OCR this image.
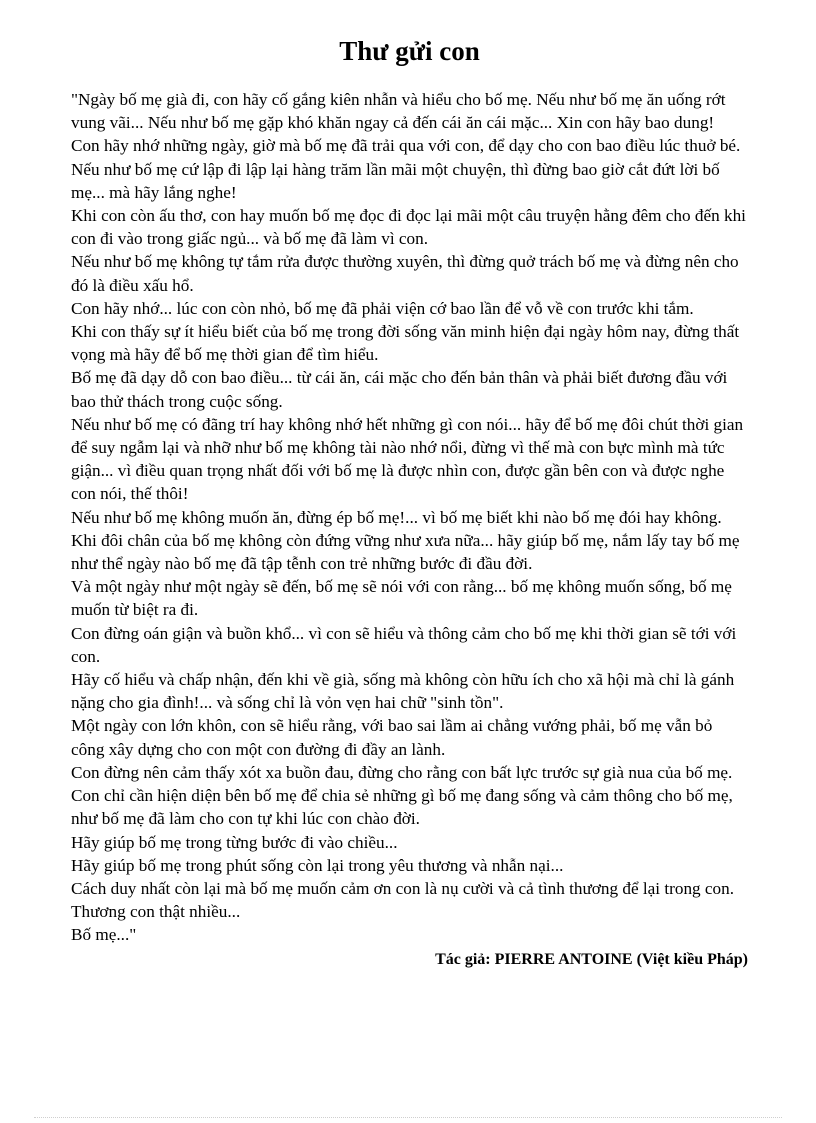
Thư gửi con

"Ngày bố mẹ già đi, con hãy cố gắng kiên nhẫn và hiểu cho bố mẹ. Nếu như bố mẹ ăn uống rớt vung vãi... Nếu như bố mẹ gặp khó khăn ngay cả đến cái ăn cái mặc... Xin con hãy bao dung!

Con hãy nhớ những ngày, giờ mà bố mẹ đã trải qua với con, để dạy cho con bao điều lúc thuở bé.

Nếu như bố mẹ cứ lập đi lập lại hàng trăm lần mãi một chuyện, thì đừng bao giờ cắt đứt lời bố mẹ... mà hãy lắng nghe!

Khi con còn ấu thơ, con hay muốn bố mẹ đọc đi đọc lại mãi một câu truyện hằng đêm cho đến khi con đi vào trong giấc ngủ... và bố mẹ đã làm vì con.

Nếu như bố mẹ không tự tắm rửa được thường xuyên, thì đừng quở trách bố mẹ và đừng nên cho đó là điều xấu hổ.

Con hãy nhớ... lúc con còn nhỏ, bố mẹ đã phải viện cớ bao lần để vỗ về con trước khi tắm.

Khi con thấy sự ít hiểu biết của bố mẹ trong đời sống văn minh hiện đại ngày hôm nay, đừng thất vọng mà hãy để bố mẹ thời gian để tìm hiểu.

Bố mẹ đã dạy dỗ con bao điều... từ cái ăn, cái mặc cho đến bản thân và phải biết đương đầu với bao thử thách trong cuộc sống.

Nếu như bố mẹ có đãng trí hay không nhớ hết những gì con nói... hãy để bố mẹ đôi chút thời gian để suy ngẫm lại và nhỡ như bố mẹ không tài nào nhớ nổi, đừng vì thế mà con bực mình mà tức giận... vì điều quan trọng nhất đối với bố mẹ là được nhìn con, được gần bên con và được nghe con nói, thế thôi!

Nếu như bố mẹ không muốn ăn, đừng ép bố mẹ!... vì bố mẹ biết khi nào bố mẹ đói hay không.

Khi đôi chân của bố mẹ không còn đứng vững như xưa nữa... hãy giúp bố mẹ, nắm lấy tay bố mẹ như thể ngày nào bố mẹ đã tập tễnh con trẻ những bước đi đầu đời.

Và một ngày như một ngày sẽ đến, bố mẹ sẽ nói với con rằng... bố mẹ không muốn sống, bố mẹ muốn từ biệt ra đi.

Con đừng oán giận và buồn khổ... vì con sẽ hiểu và thông cảm cho bố mẹ khi thời gian sẽ tới với con.

Hãy cố hiểu và chấp nhận, đến khi về già, sống mà không còn hữu ích cho xã hội mà chỉ là gánh nặng cho gia đình!... và sống chỉ là vỏn vẹn hai chữ "sinh tồn".

Một ngày con lớn khôn, con sẽ hiểu rằng, với bao sai lầm ai chẳng vướng phải, bố mẹ vẫn bỏ công xây dựng cho con một con đường đi đầy an lành.

Con đừng nên cảm thấy xót xa buồn đau, đừng cho rằng con bất lực trước sự già nua của bố mẹ.

Con chỉ cần hiện diện bên bố mẹ để chia sẻ những gì bố mẹ đang sống và cảm thông cho bố mẹ, như bố mẹ đã làm cho con tự khi lúc con chào đời.

Hãy giúp bố mẹ trong từng bước đi vào chiều...

Hãy giúp bố mẹ trong phút sống còn lại trong yêu thương và nhẫn nại...

Cách duy nhất còn lại mà bố mẹ muốn cảm ơn con là nụ cười và cả tình thương để lại trong con.

Thương con thật nhiều...

Bố mẹ..."

Tác giả: PIERRE ANTOINE (Việt kiều Pháp)
